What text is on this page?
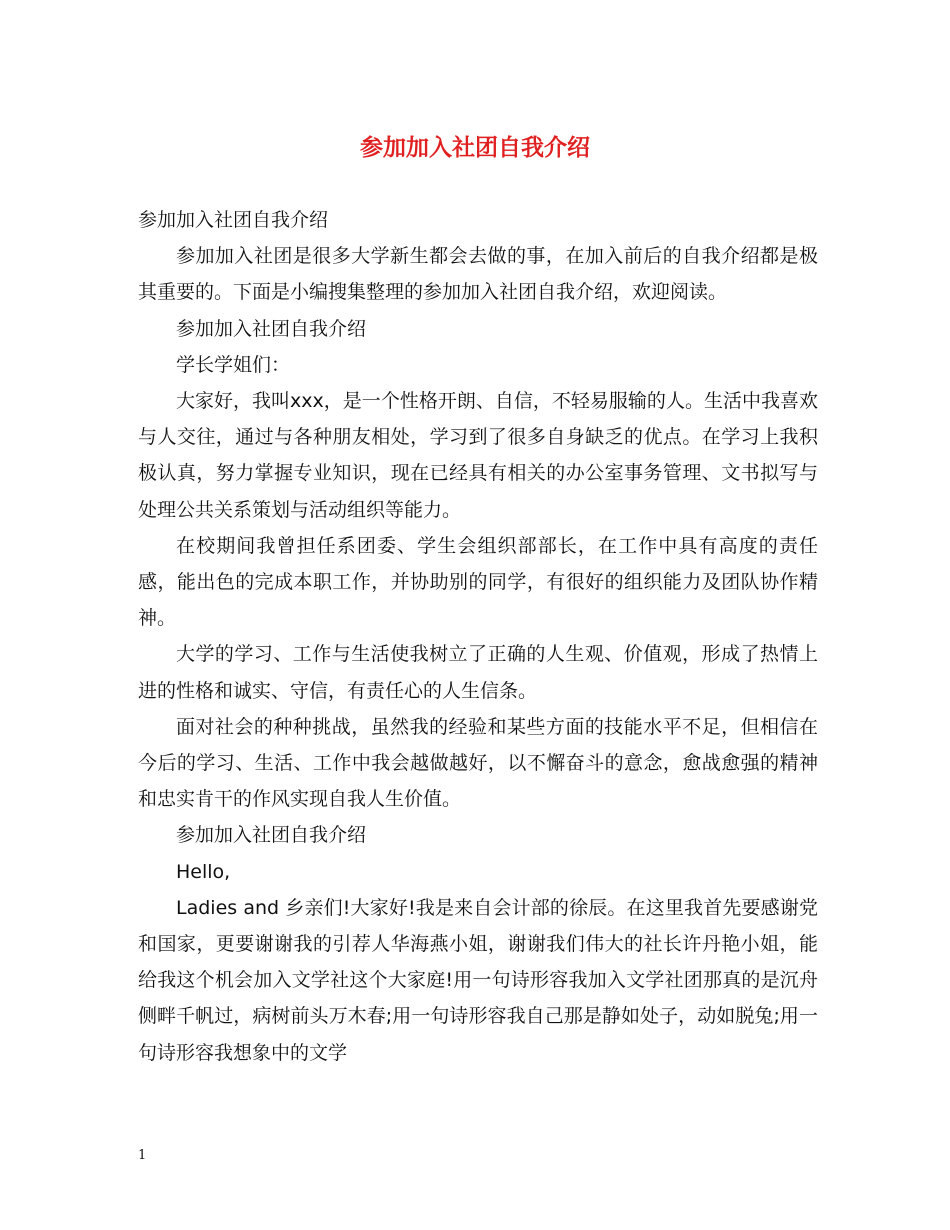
参加加入社团自我介绍

参加加入社团自我介绍

参加加入社团是很多大学新生都会去做的事，在加入前后的自我介绍都是极其重要的。下面是小编搜集整理的参加加入社团自我介绍，欢迎阅读。

参加加入社团自我介绍

学长学姐们：

大家好，我叫xxx，是一个性格开朗、自信，不轻易服输的人。生活中我喜欢与人交往，通过与各种朋友相处，学习到了很多自身缺乏的优点。在学习上我积极认真，努力掌握专业知识，现在已经具有相关的办公室事务管理、文书拟写与处理公共关系策划与活动组织等能力。

在校期间我曾担任系团委、学生会组织部部长，在工作中具有高度的责任感，能出色的完成本职工作，并协助别的同学，有很好的组织能力及团队协作精神。

大学的学习、工作与生活使我树立了正确的人生观、价值观，形成了热情上进的性格和诚实、守信，有责任心的人生信条。

面对社会的种种挑战，虽然我的经验和某些方面的技能水平不足，但相信在今后的学习、生活、工作中我会越做越好，以不懈奋斗的意念，愈战愈强的精神和忠实肯干的作风实现自我人生价值。

参加加入社团自我介绍

Hello,

Ladies and 乡亲们!大家好!我是来自会计部的徐辰。在这里我首先要感谢党和国家，更要谢谢我的引荐人华海燕小姐，谢谢我们伟大的社长许丹艳小姐，能给我这个机会加入文学社这个大家庭!用一句诗形容我加入文学社团那真的是沉舟侧畔千帆过，病树前头万木春;用一句诗形容我自己那是静如处子，动如脱兔;用一句诗形容我想象中的文学

1
